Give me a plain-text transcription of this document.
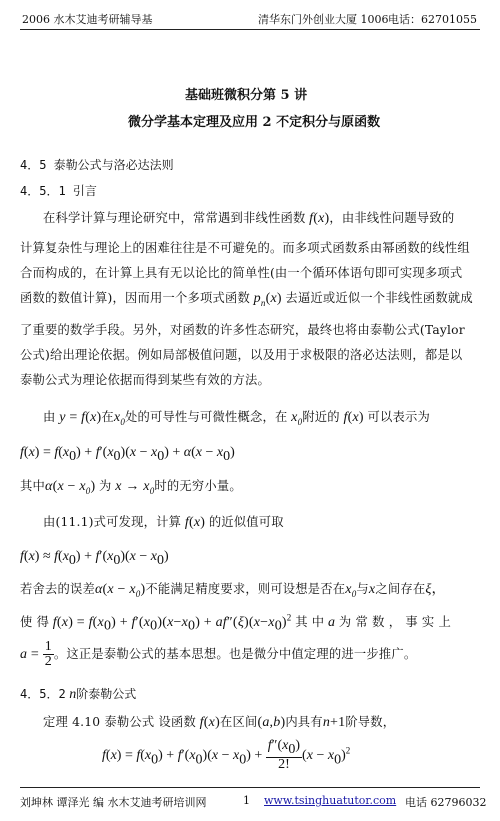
2006 水木艾迪考研辅导基	清华东门外创业大厦 1006 电话：62701055
基础班微积分第 5 讲
微分学基本定理及应用 2 不定积分与原函数
4．5 泰勒公式与洛必达法则
4．5．1 引言
在科学计算与理论研究中，常常遇到非线性函数 f(x)，由非线性问题导致的
计算复杂性与理论上的困难往往是不可避免的。而多项式函数系由幂函数的线性组
合而构成的，在计算上具有无以论比的简单性(由一个循环体语句即可实现多项式
函数的数值计算)，因而用一个多项式函数 $p_n(x)$ 去逼近或近似一个非线性函数就成
了重要的数学手段。另外，对函数的许多性态研究，最终也将由泰勒公式(Taylor
公式)给出理论依据。例如局部极值问题，以及用于求极限的洛必达法则，都是以
泰勒公式为理论依据而得到某些有效的方法。
由 y = f(x)在$x_0$处的可导性与可微性概念，在 $x_0$附近的 f(x) 可以表示为
$f(x) = f(x_0) + f'(x_0)(x - x_0) + \alpha(x - x_0)$
其中$\alpha(x - x_0)$ 为 $x \to x_0$时的无穷小量。
由(11.1)式可发现，计算 f(x) 的近似值可取
$f(x) \approx f(x_0) + f'(x_0)(x - x_0)$
若舍去的误差$\alpha(x - x_0)$不能满足精度要求，则可设想是否在$x_0$与x之间存在ξ，
使 得 $f(x) = f(x_0) + f'(x_0)(x-x_0) + af''(\xi)(x-x_0)^2$ 其 中 a 为 常 数 ， 事 实 上
$a = \frac{1}{2}$ 。这正是泰勒公式的基本思想。也是微分中值定理的进一步推广。
4．5．2 n阶泰勒公式
定理 4.10 泰勒公式 设函数 f(x)在区间(a,b)内具有n+1阶导数，
$f(x) = f(x_0) + f'(x_0)(x - x_0) + \frac{f''(x_0)}{2!} (x - x_0)^2$
刘坤林 谭泽光 编 水木艾迪考研培训网	1 www.tsinghuatutor.com 电话 62796032
